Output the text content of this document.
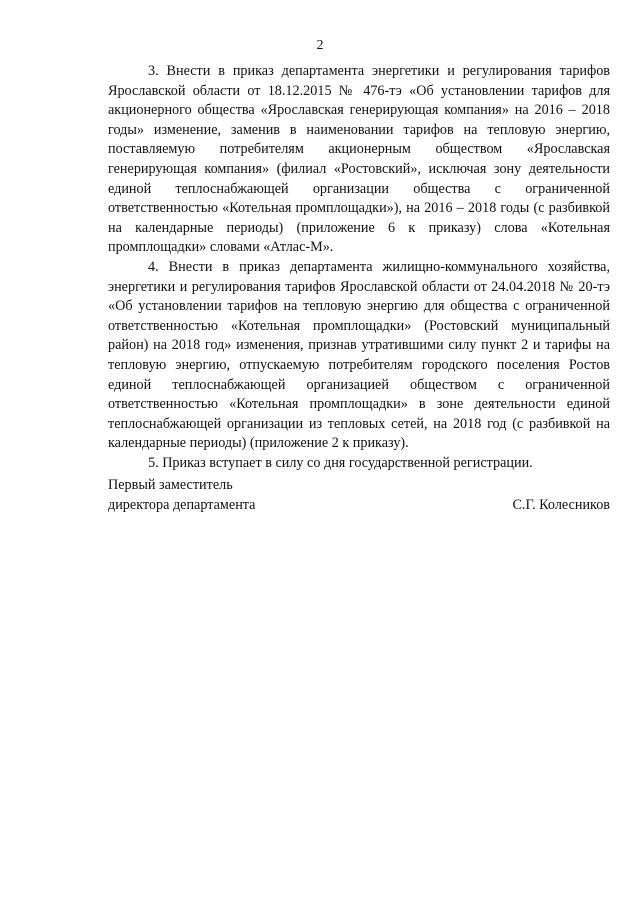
2

3. Внести в приказ департамента энергетики и регулирования тарифов Ярославской области от 18.12.2015 № 476-тэ «Об установлении тарифов для акционерного общества «Ярославская генерирующая компания» на 2016 – 2018 годы» изменение, заменив в наименовании тарифов на тепловую энергию, поставляемую потребителям акционерным обществом «Ярославская генерирующая компания» (филиал «Ростовский», исключая зону деятельности единой теплоснабжающей организации общества с ограниченной ответственностью «Котельная промплощадки»), на 2016 – 2018 годы (с разбивкой на календарные периоды) (приложение 6 к приказу) слова «Котельная промплощадки» словами «Атлас-М».

4. Внести в приказ департамента жилищно-коммунального хозяйства, энергетики и регулирования тарифов Ярославской области от 24.04.2018 № 20-тэ «Об установлении тарифов на тепловую энергию для общества с ограниченной ответственностью «Котельная промплощадки» (Ростовский муниципальный район) на 2018 год» изменения, признав утратившими силу пункт 2 и тарифы на тепловую энергию, отпускаемую потребителям городского поселения Ростов единой теплоснабжающей организацией обществом с ограниченной ответственностью «Котельная промплощадки» в зоне деятельности единой теплоснабжающей организации из тепловых сетей, на 2018 год (с разбивкой на календарные периоды) (приложение 2 к приказу).

5. Приказ вступает в силу со дня государственной регистрации.

Первый заместитель
директора департамента	С.Г. Колесников
